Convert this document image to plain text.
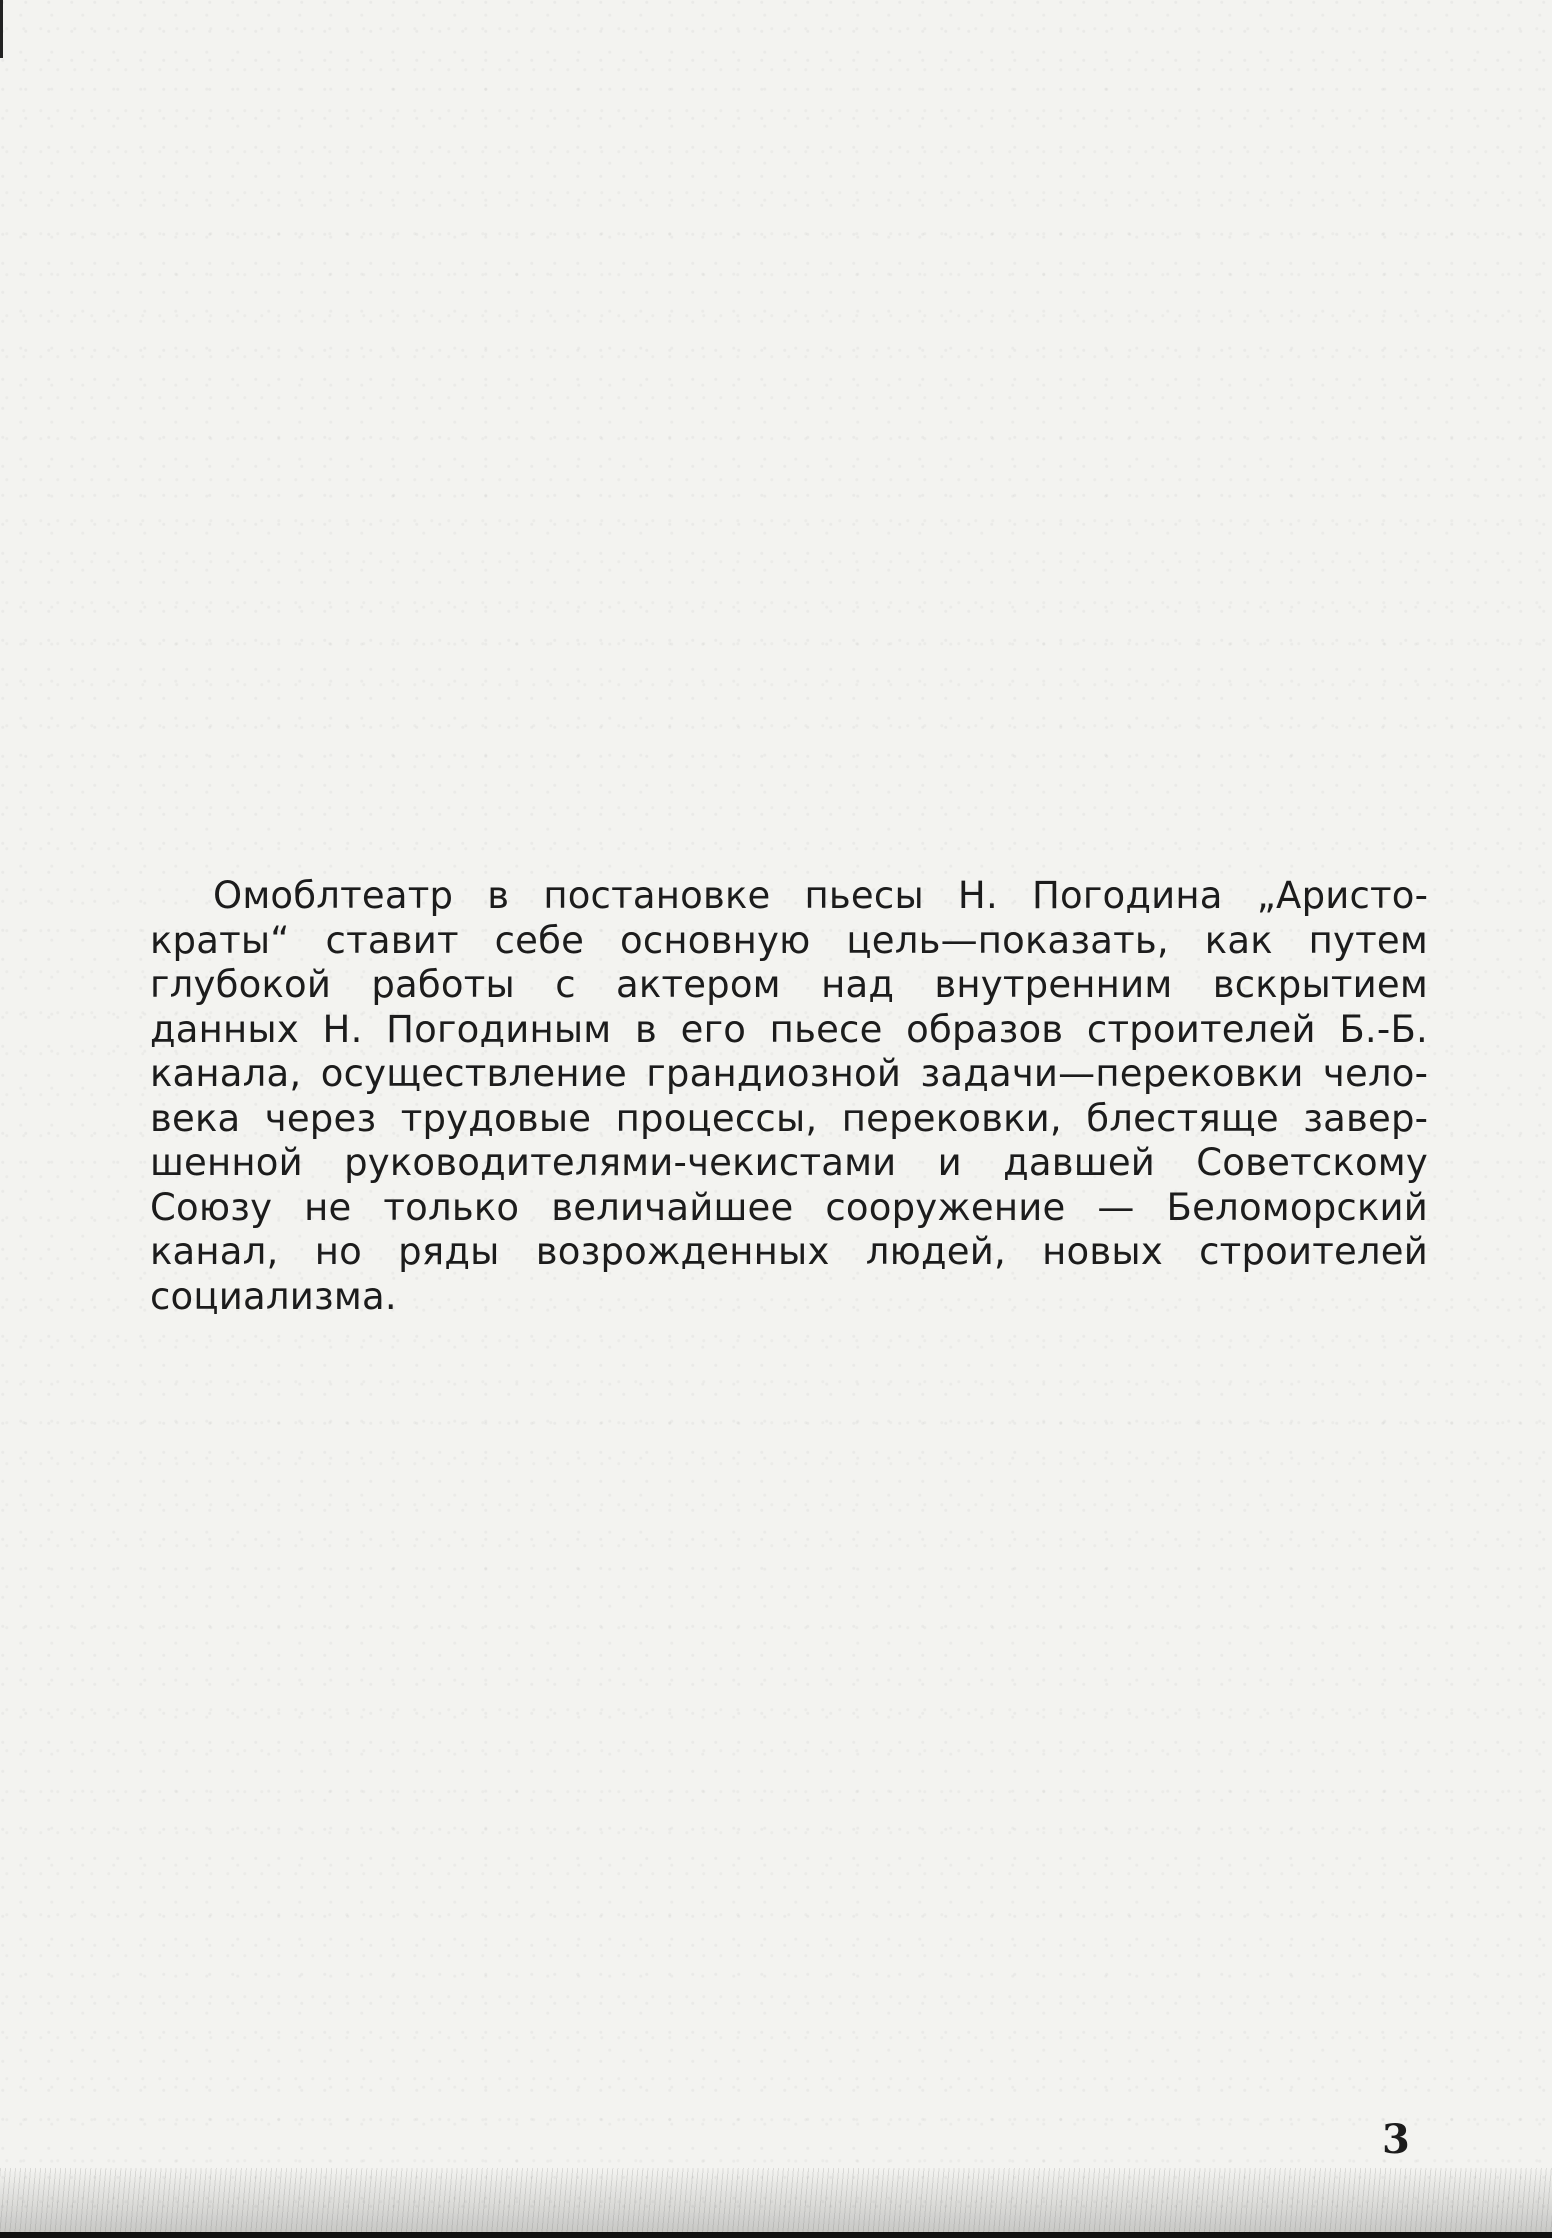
Омоблтеатр в постановке пьесы Н. Погодина „Аристократы“ ставит себе основную цель—показать, как путем глубокой работы с актером над внутренним вскрытием данных Н. Погодиным в его пьесе образов строителей Б.-Б. канала, осуществление грандиозной задачи—перековки человека через трудовые процессы, перековки, блестяще завершенной руководителями-чекистами и давшей Советскому Союзу не только величайшее сооружение — Беломорский канал, но ряды возрожденных людей, новых строителей социализма.

3
